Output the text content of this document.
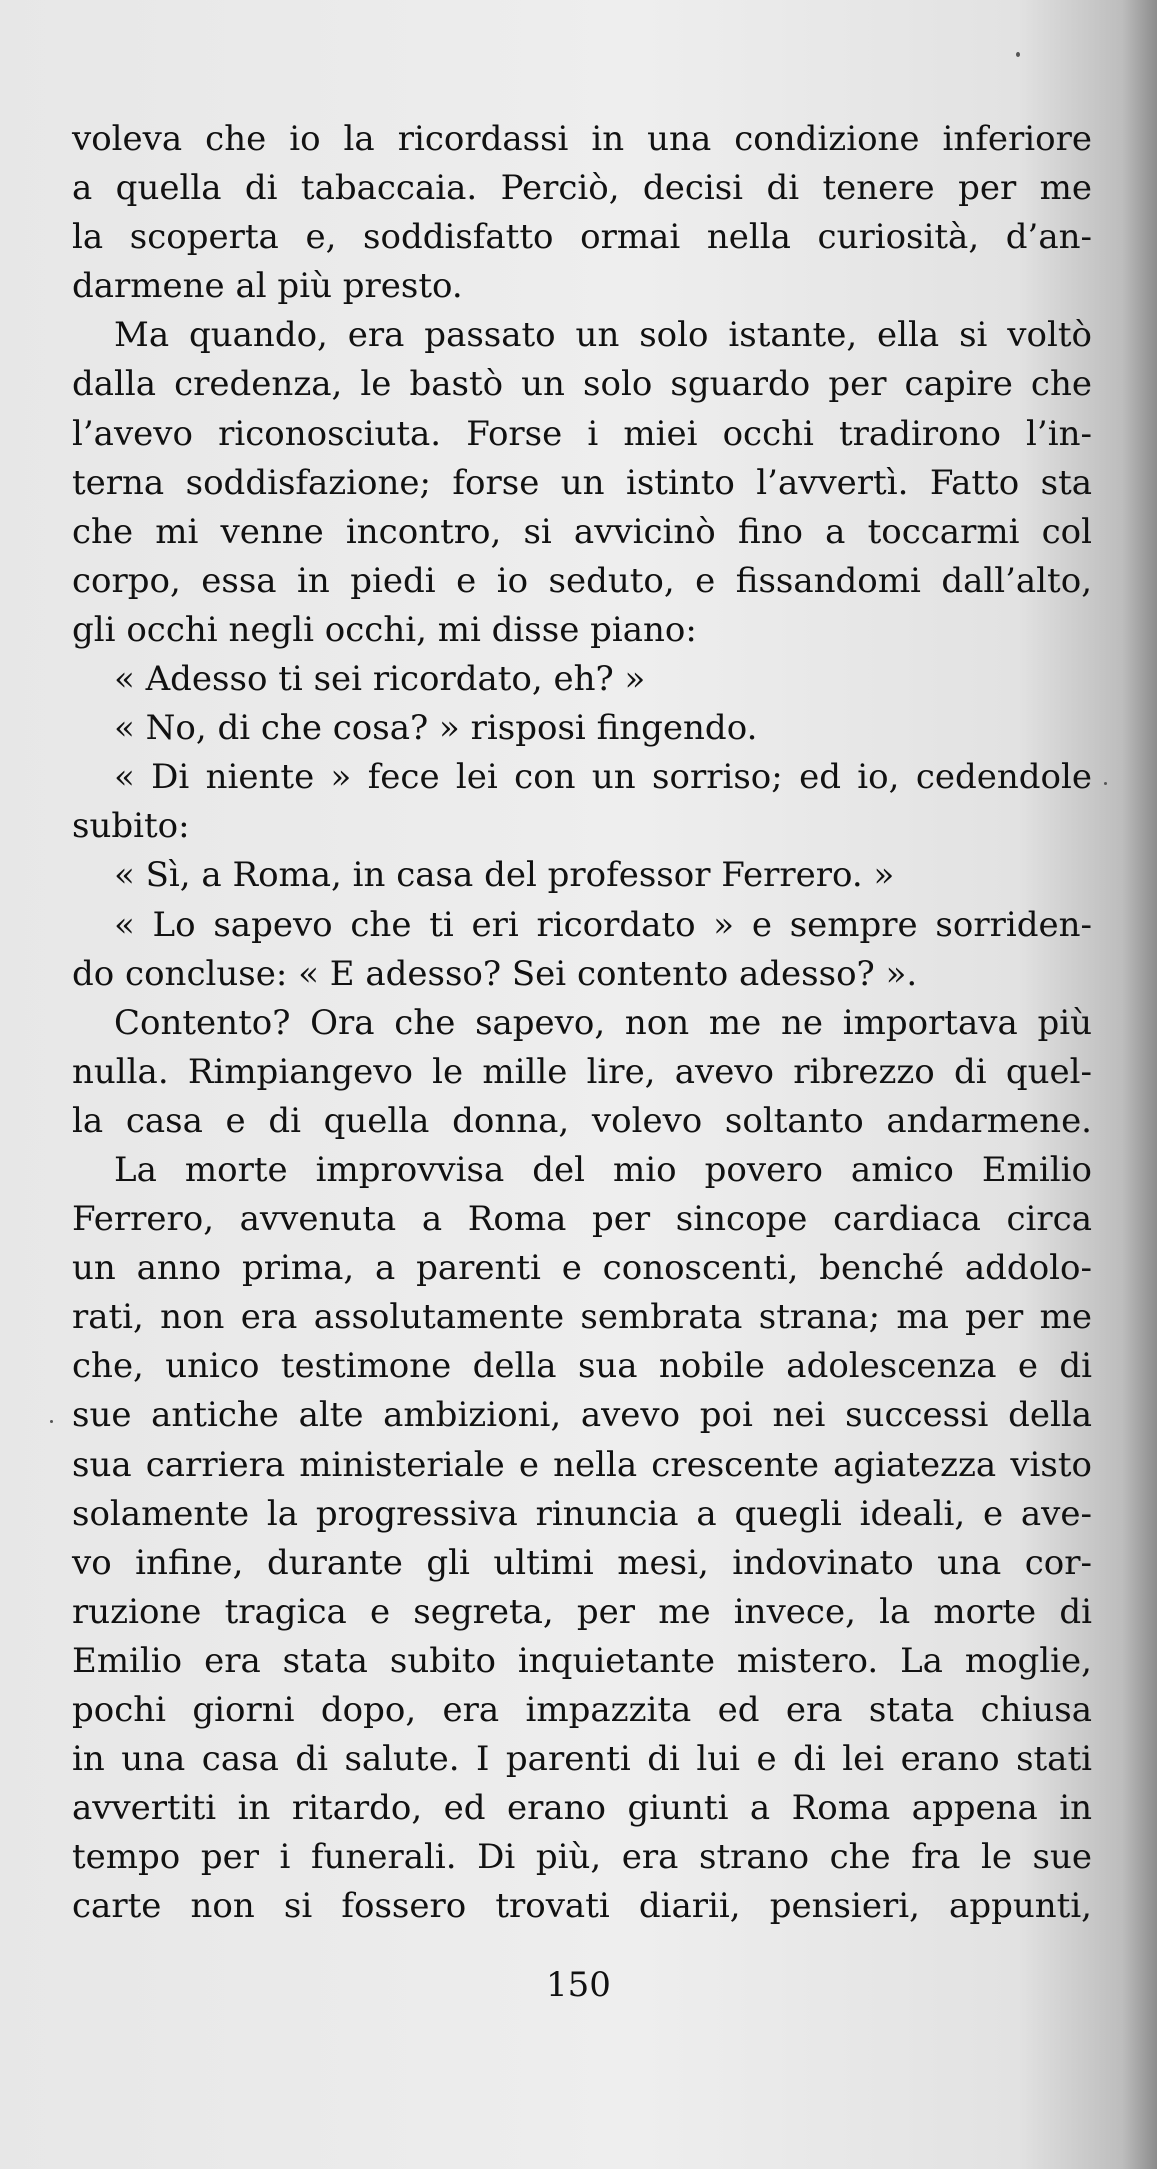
voleva che io la ricordassi in una condizione inferiore
a quella di tabaccaia. Perciò, decisi di tenere per me
la scoperta e, soddisfatto ormai nella curiosità, d’an-
darmene al più presto.
Ma quando, era passato un solo istante, ella si voltò
dalla credenza, le bastò un solo sguardo per capire che
l’avevo riconosciuta. Forse i miei occhi tradirono l’in-
terna soddisfazione; forse un istinto l’avvertì. Fatto sta
che mi venne incontro, si avvicinò fino a toccarmi col
corpo, essa in piedi e io seduto, e fissandomi dall’alto,
gli occhi negli occhi, mi disse piano:
« Adesso ti sei ricordato, eh? »
« No, di che cosa? » risposi fingendo.
« Di niente » fece lei con un sorriso; ed io, cedendole
subito:
« Sì, a Roma, in casa del professor Ferrero. »
« Lo sapevo che ti eri ricordato » e sempre sorriden-
do concluse: « E adesso? Sei contento adesso? ».
Contento? Ora che sapevo, non me ne importava più
nulla. Rimpiangevo le mille lire, avevo ribrezzo di quel-
la casa e di quella donna, volevo soltanto andarmene.
La morte improvvisa del mio povero amico Emilio
Ferrero, avvenuta a Roma per sincope cardiaca circa
un anno prima, a parenti e conoscenti, benché addolo-
rati, non era assolutamente sembrata strana; ma per me
che, unico testimone della sua nobile adolescenza e di
sue antiche alte ambizioni, avevo poi nei successi della
sua carriera ministeriale e nella crescente agiatezza visto
solamente la progressiva rinuncia a quegli ideali, e ave-
vo infine, durante gli ultimi mesi, indovinato una cor-
ruzione tragica e segreta, per me invece, la morte di
Emilio era stata subito inquietante mistero. La moglie,
pochi giorni dopo, era impazzita ed era stata chiusa
in una casa di salute. I parenti di lui e di lei erano stati
avvertiti in ritardo, ed erano giunti a Roma appena in
tempo per i funerali. Di più, era strano che fra le sue
carte non si fossero trovati diarii, pensieri, appunti,
150
